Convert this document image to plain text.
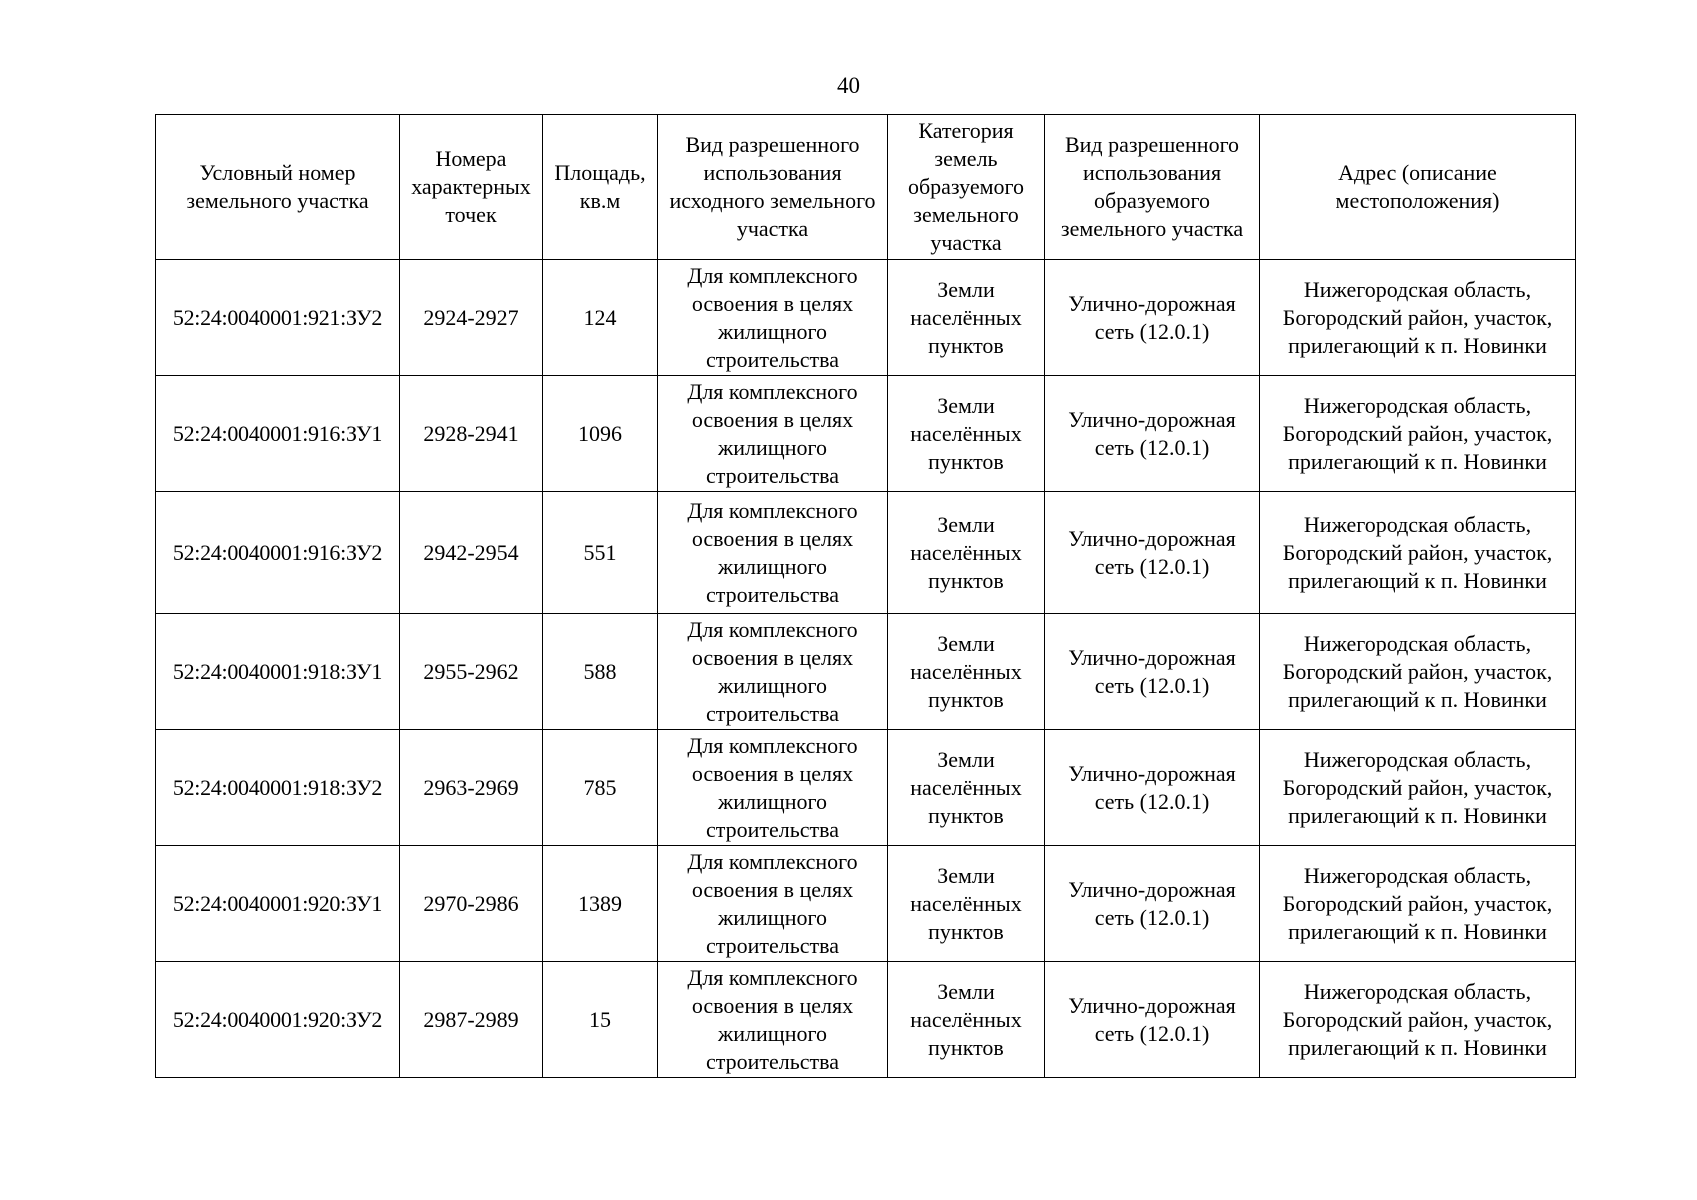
40
Условный номер земельного участка	Номера характерных точек	Площадь, кв.м	Вид разрешенного использования исходного земельного участка	Категория земель образуемого земельного участка	Вид разрешенного использования образуемого земельного участка	Адрес (описание местоположения)
52:24:0040001:921:ЗУ2	2924-2927	124	Для комплексного освоения в целях жилищного строительства	Земли населённых пунктов	Улично-дорожная сеть (12.0.1)	Нижегородская область, Богородский район, участок, прилегающий к п. Новинки
52:24:0040001:916:ЗУ1	2928-2941	1096	Для комплексного освоения в целях жилищного строительства	Земли населённых пунктов	Улично-дорожная сеть (12.0.1)	Нижегородская область, Богородский район, участок, прилегающий к п. Новинки
52:24:0040001:916:ЗУ2	2942-2954	551	Для комплексного освоения в целях жилищного строительства	Земли населённых пунктов	Улично-дорожная сеть (12.0.1)	Нижегородская область, Богородский район, участок, прилегающий к п. Новинки
52:24:0040001:918:ЗУ1	2955-2962	588	Для комплексного освоения в целях жилищного строительства	Земли населённых пунктов	Улично-дорожная сеть (12.0.1)	Нижегородская область, Богородский район, участок, прилегающий к п. Новинки
52:24:0040001:918:ЗУ2	2963-2969	785	Для комплексного освоения в целях жилищного строительства	Земли населённых пунктов	Улично-дорожная сеть (12.0.1)	Нижегородская область, Богородский район, участок, прилегающий к п. Новинки
52:24:0040001:920:ЗУ1	2970-2986	1389	Для комплексного освоения в целях жилищного строительства	Земли населённых пунктов	Улично-дорожная сеть (12.0.1)	Нижегородская область, Богородский район, участок, прилегающий к п. Новинки
52:24:0040001:920:ЗУ2	2987-2989	15	Для комплексного освоения в целях жилищного строительства	Земли населённых пунктов	Улично-дорожная сеть (12.0.1)	Нижегородская область, Богородский район, участок, прилегающий к п. Новинки
